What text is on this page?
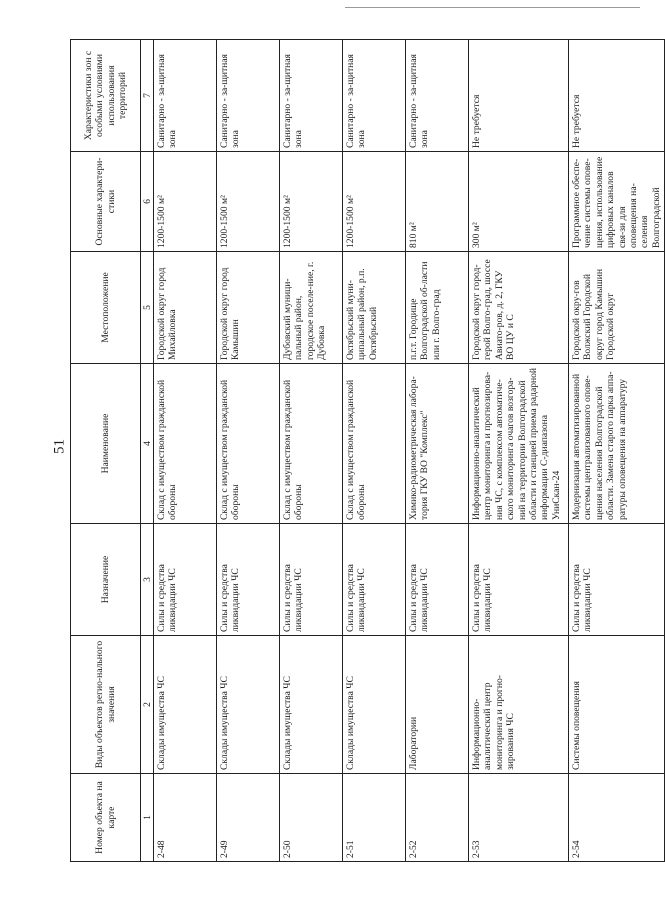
51
Номер объекта на карте	Виды объектов регио-нального значения	Назначение	Наименование	Местоположение	Основные характери-стики	Характеристики зон с особыми условиями использования территорий
1	2	3	4	5	6	7
2-48	Склады имущества ЧС	Силы и средства ликвидации ЧС	Склад с имуществом гражданской обороны	Городской округ город Михайловка	1200-1500 м²	Санитарно - за-щитная зона
2-49	Склады имущества ЧС	Силы и средства ликвидации ЧС	Склад с имуществом гражданской обороны	Городской округ город Камышин	1200-1500 м²	Санитарно - за-щитная зона
2-50	Склады имущества ЧС	Силы и средства ликвидации ЧС	Склад с имуществом гражданской обороны	Дубовский муници-пальный район, городское поселе-ние, г. Дубовка	1200-1500 м²	Санитарно - за-щитная зона
2-51	Склады имущества ЧС	Силы и средства ликвидации ЧС	Склад с имуществом гражданской обороны	Октябрьский муни-ципальный район, р.п. Октябрьский	1200-1500 м²	Санитарно - за-щитная зона
2-52	Лаборатории	Силы и средства ликвидации ЧС	Химико-радиометрическая лабора-тория ГКУ ВО "Комплекс"	п.г.т. Городище Волгоградской об-ласти или г. Волго-град	810 м²	Санитарно - за-щитная зона
2-53	Информационно-аналитический центр мониторинга и прогно-зирования ЧС	Силы и средства ликвидации ЧС	Информационно-аналитический центр мониторинга и прогнозирова-ния ЧС, с комплексом автоматиче-ского мониторинга очагов возгора-ний на территории Волгоградской области и станцией приема радарной информации С-диапазона УниСкан-24	Городской округ город-герой Волго-град, шоссе Авиато-ров, д. 2, ГКУ ВО ЦУ и С	300 м²	Не требуется
2-54	Системы оповещения	Силы и средства ликвидации ЧС	Модернизация автоматизированной системы централизованного опове-щения населения Волгоградской области. Замена старого парка аппа-ратуры оповещения на аппаратуру	Городской окру-гов Волжский Городской округ город Камышин Городской округ	Программное обеспе-чение системы опове-щения, использование цифровых каналов свя-зи для оповещения на-селения Волгоградской	Не требуется
